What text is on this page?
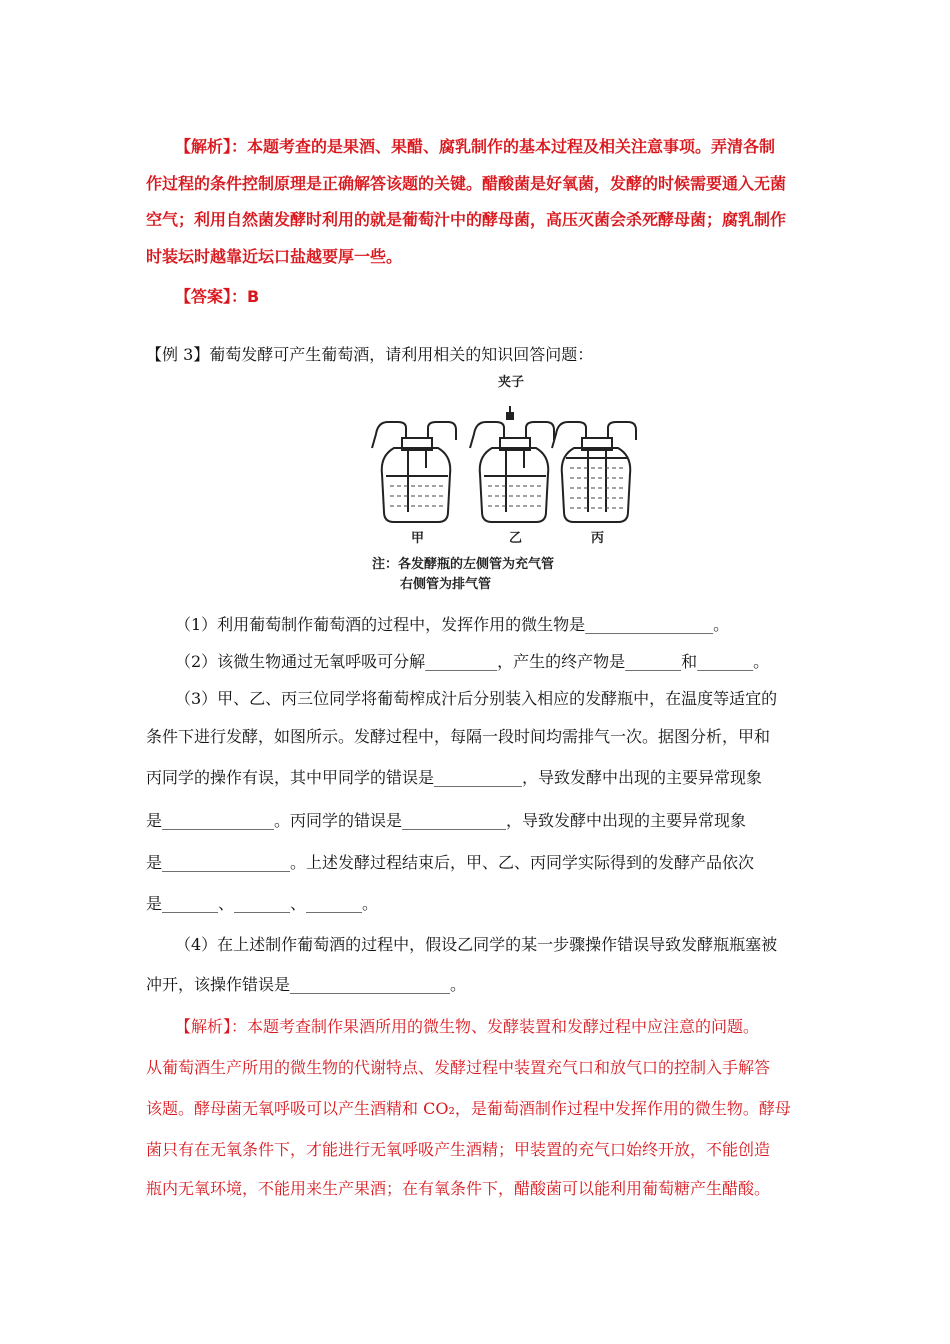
【解析】：本题考查的是果酒、果醋、腐乳制作的基本过程及相关注意事项。弄清各制
作过程的条件控制原理是正确解答该题的关键。醋酸菌是好氧菌，发酵的时候需要通入无菌
空气；利用自然菌发酵时利用的就是葡萄汁中的酵母菌，高压灭菌会杀死酵母菌；腐乳制作
时装坛时越靠近坛口盐越要厚一些。
【答案】：B
【例 3】葡萄发酵可产生葡萄酒，请利用相关的知识回答问题：
夹子
甲	乙	丙
注：各发酵瓶的左侧管为充气管
右侧管为排气管
（1）利用葡萄制作葡萄酒的过程中，发挥作用的微生物是________________。
（2）该微生物通过无氧呼吸可分解_________，产生的终产物是_______和_______。
（3）甲、乙、丙三位同学将葡萄榨成汁后分别装入相应的发酵瓶中，在温度等适宜的
条件下进行发酵，如图所示。发酵过程中，每隔一段时间均需排气一次。据图分析，甲和
丙同学的操作有误，其中甲同学的错误是___________，导致发酵中出现的主要异常现象
是______________。丙同学的错误是_____________，导致发酵中出现的主要异常现象
是________________。上述发酵过程结束后，甲、乙、丙同学实际得到的发酵产品依次
是_______、_______、_______。
（4）在上述制作葡萄酒的过程中，假设乙同学的某一步骤操作错误导致发酵瓶瓶塞被
冲开，该操作错误是____________________。
【解析】：本题考查制作果酒所用的微生物、发酵装置和发酵过程中应注意的问题。
从葡萄酒生产所用的微生物的代谢特点、发酵过程中装置充气口和放气口的控制入手解答
该题。酵母菌无氧呼吸可以产生酒精和 CO₂，是葡萄酒制作过程中发挥作用的微生物。酵母
菌只有在无氧条件下，才能进行无氧呼吸产生酒精；甲装置的充气口始终开放，不能创造
瓶内无氧环境，不能用来生产果酒；在有氧条件下，醋酸菌可以能利用葡萄糖产生醋酸。
